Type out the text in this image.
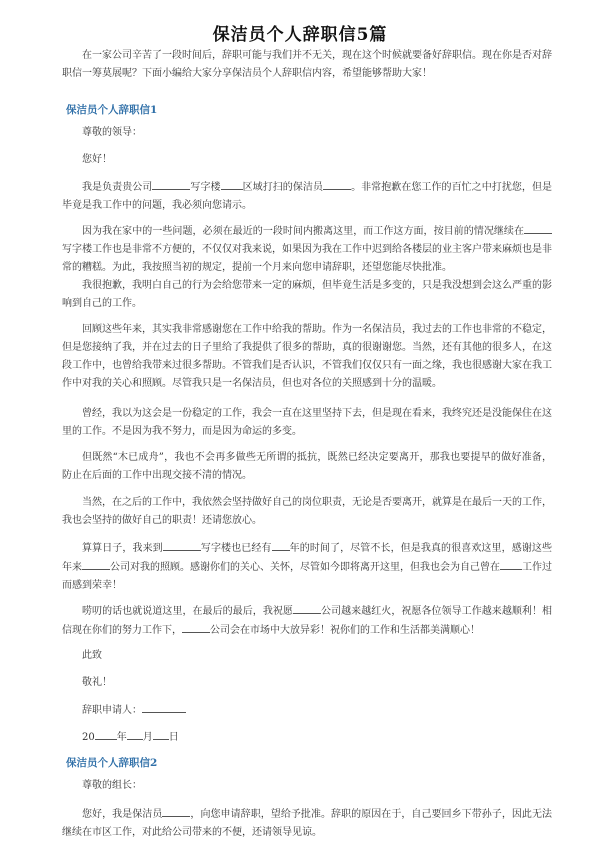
保洁员个人辞职信5篇

在一家公司辛苦了一段时间后，辞职可能与我们并不无关，现在这个时候就要备好辞职信。现在你是否对辞职信一筹莫展呢？下面小编给大家分享保洁员个人辞职信内容，希望能够帮助大家！

保洁员个人辞职信1

尊敬的领导：

您好！

我是负责贵公司	写字楼 区域打扫的保洁员	。非常抱歉在您工作的百忙之中打扰您，但是毕竟是我工作中的问题，我必须向您请示。

因为我在家中的一些问题，必须在最近的一段时间内搬离这里，而工作这方面，按目前的情况继续在写字楼工作也是非常不方便的，不仅仅对我来说，如果因为我在工作中迟到给各楼层的业主客户带来麻烦也是非常的糟糕。为此，我按照当初的规定，提前一个月来向您申请辞职，还望您能尽快批准。

我很抱歉，我明白自己的行为会给您带来一定的麻烦，但毕竟生活是多变的，只是我没想到会这么严重的影响到自己的工作。

回顾这些年来，其实我非常感谢您在工作中给我的帮助。作为一名保洁员，我过去的工作也非常的不稳定，但是您接纳了我，并在过去的日子里给了我提供了很多的帮助，真的很谢谢您。当然，还有其他的很多人，在这段工作中，也曾给我带来过很多帮助。不管我们是否认识，不管我们仅仅只有一面之缘，我也很感谢大家在我工作中对我的关心和照顾。尽管我只是一名保洁员，但也对各位的关照感到十分的温暖。

曾经，我以为这会是一份稳定的工作，我会一直在这里坚持下去，但是现在看来，我终究还是没能保住在这里的工作。不是因为我不努力，而是因为命运的多变。

但既然“木已成舟”，我也不会再多做些无所谓的抵抗，既然已经决定要离开，那我也要提早的做好准备，防止在后面的工作中出现交接不清的情况。

当然，在之后的工作中，我依然会坚持做好自己的岗位职责，无论是否要离开，就算是在最后一天的工作，我也会坚持的做好自己的职责！还请您放心。

算算日子，我来到	写字楼也已经有 年的时间了，尽管不长，但是我真的很喜欢这里，感谢这些年来	公司对我的照顾。感谢你们的关心、关怀，尽管如今即将离开这里，但我也会为自己曾在 工作过而感到荣幸！

唠叨的话也就说道这里，在最后的最后，我祝愿	公司越来越红火，祝愿各位领导工作越来越顺利！相信现在你们的努力工作下，	公司会在市场中大放异彩！祝你们的工作和生活都美满顺心！

此致

敬礼！

辞职申请人：

20 年 月 日

保洁员个人辞职信2

尊敬的组长：

您好，我是保洁员	，向您申请辞职，望给予批准。辞职的原因在于，自己要回乡下带孙子，因此无法继续在市区工作，对此给公司带来的不便，还请领导见谅。
